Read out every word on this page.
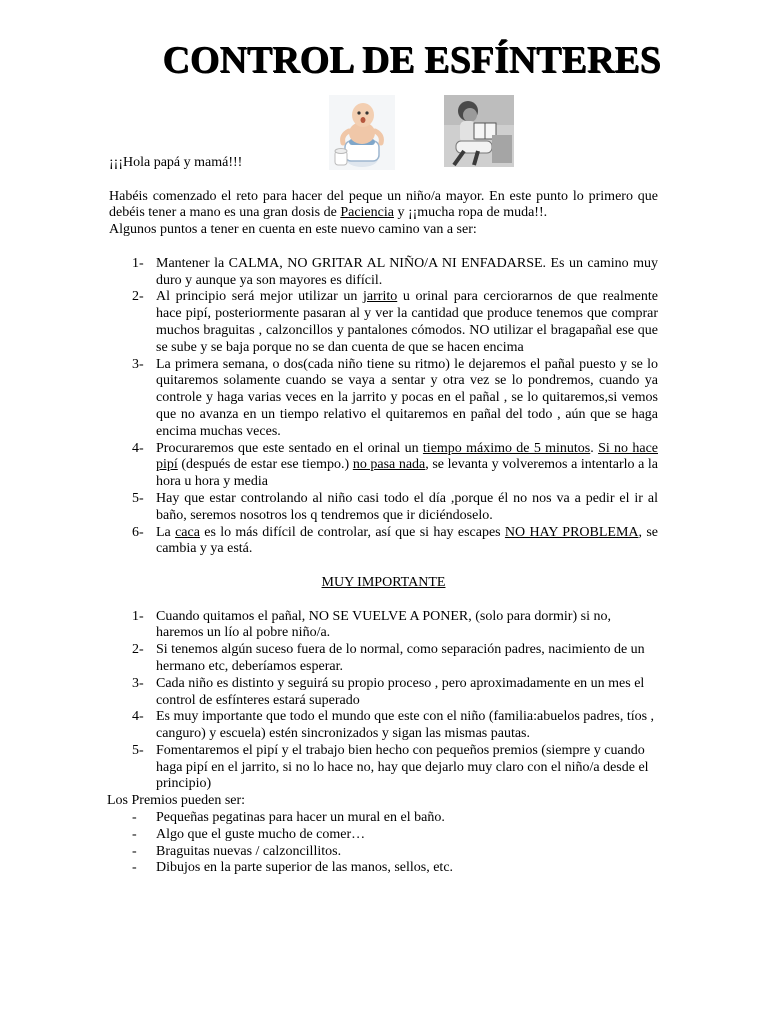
CONTROL DE ESFÍNTERES

¡¡¡Hola papá y mamá!!!

Habéis comenzado el reto para hacer del peque un niño/a mayor. En este punto lo primero que debéis tener a mano es una gran dosis de Paciencia y ¡¡mucha ropa de muda!!.

Algunos puntos a tener en cuenta en este nuevo camino van a ser:

1- Mantener la CALMA, NO GRITAR AL NIÑO/A NI ENFADARSE. Es un camino muy duro y aunque ya son mayores es difícil.
2- Al principio será mejor utilizar un jarrito u orinal para cerciorarnos de que realmente hace pipí, posteriormente pasaran al y ver la cantidad que produce tenemos que comprar muchos braguitas , calzoncillos y pantalones cómodos. NO utilizar el bragapañal ese que se sube y se baja porque no se dan cuenta de que se hacen encima
3- La primera semana, o dos(cada niño tiene su ritmo) le dejaremos el pañal puesto y se lo quitaremos solamente cuando se vaya a sentar y otra vez se lo pondremos, cuando ya controle y haga varias veces en la jarrito y pocas en el pañal , se lo quitaremos,si vemos que no avanza en un tiempo relativo el quitaremos en pañal del todo , aún que se haga encima muchas veces.
4- Procuraremos que este sentado en el orinal un tiempo máximo de 5 minutos. Si no hace pipí (después de estar ese tiempo.) no pasa nada, se levanta y volveremos a intentarlo a la hora u hora y media
5- Hay que estar controlando al niño casi todo el día ,porque él no nos va a pedir el ir al baño, seremos nosotros los q tendremos que ir diciéndoselo.
6- La caca es lo más difícil de controlar, así que si hay escapes NO HAY PROBLEMA, se cambia y ya está.

MUY IMPORTANTE

1- Cuando quitamos el pañal, NO SE VUELVE A PONER, (solo para dormir) si no, haremos un lío al pobre niño/a.
2- Si tenemos algún suceso fuera de lo normal, como separación padres, nacimiento de un hermano etc, deberíamos esperar.
3- Cada niño es distinto y seguirá su propio proceso , pero aproximadamente en un mes el control de esfínteres estará superado
4- Es muy importante que todo el mundo que este con el niño (familia:abuelos padres, tíos , canguro) y escuela) estén sincronizados y sigan las mismas pautas.
5- Fomentaremos el pipí y el trabajo bien hecho con pequeños premios (siempre y cuando haga pipí en el jarrito, si no lo hace no, hay que dejarlo muy claro con el niño/a desde el principio)

Los Premios pueden ser:

- Pequeñas pegatinas para hacer un mural en el baño.
- Algo que el guste mucho de comer…
- Braguitas nuevas / calzoncillitos.
- Dibujos en la parte superior de las manos, sellos, etc.
